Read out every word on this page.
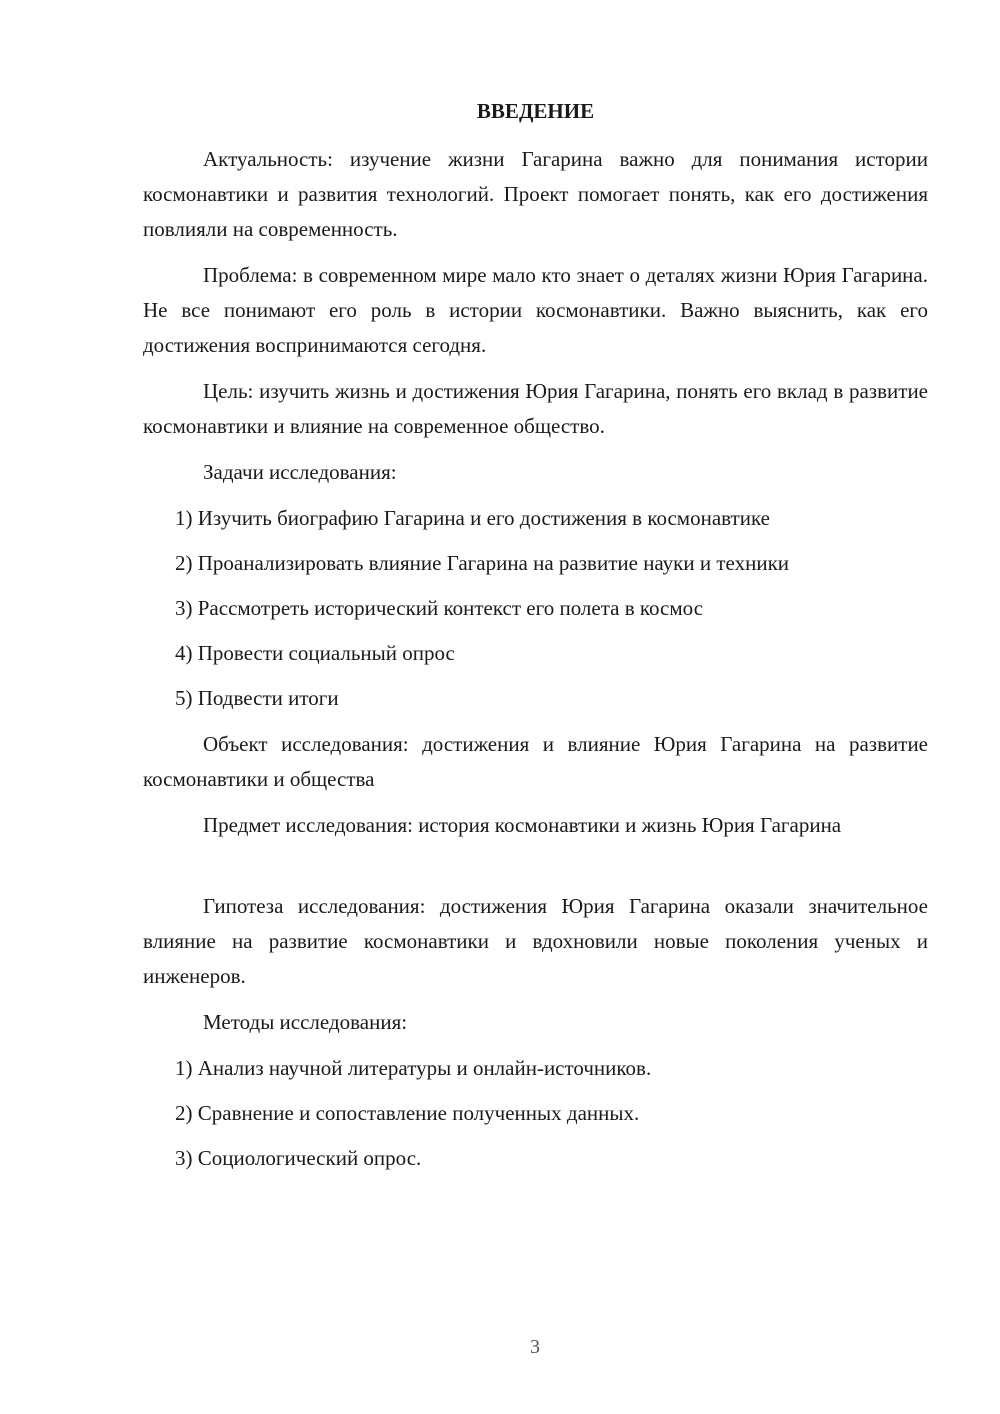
ВВЕДЕНИЕ

Актуальность: изучение жизни Гагарина важно для понимания истории космонавтики и развития технологий. Проект помогает понять, как его достижения повлияли на современность.

Проблема: в современном мире мало кто знает о деталях жизни Юрия Гагарина. Не все понимают его роль в истории космонавтики. Важно выяснить, как его достижения воспринимаются сегодня.

Цель: изучить жизнь и достижения Юрия Гагарина, понять его вклад в развитие космонавтики и влияние на современное общество.

Задачи исследования:

1) Изучить биографию Гагарина и его достижения в космонавтике

2) Проанализировать влияние Гагарина на развитие науки и техники

3) Рассмотреть исторический контекст его полета в космос

4) Провести социальный опрос

5) Подвести итоги

Объект исследования: достижения и влияние Юрия Гагарина на развитие космонавтики и общества

Предмет исследования: история космонавтики и жизнь Юрия Гагарина

Гипотеза исследования: достижения Юрия Гагарина оказали значительное влияние на развитие космонавтики и вдохновили новые поколения ученых и инженеров.

Методы исследования:

1) Анализ научной литературы и онлайн-источников.

2) Сравнение и сопоставление полученных данных.

3) Социологический опрос.

3
